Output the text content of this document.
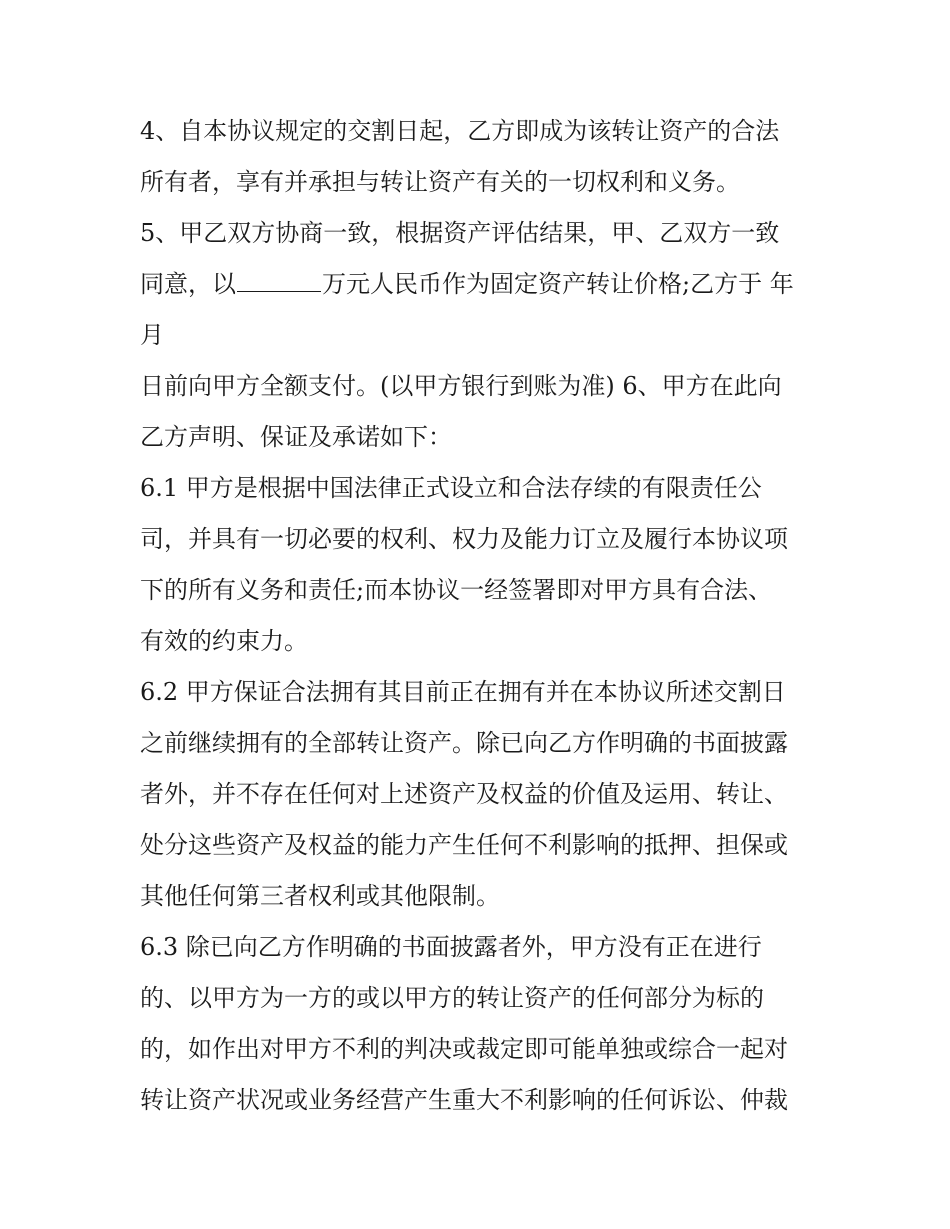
4、自本协议规定的交割日起，乙方即成为该转让资产的合法
所有者，享有并承担与转让资产有关的一切权利和义务。
5、甲乙双方协商一致，根据资产评估结果，甲、乙双方一致
同意，以	万元人民币作为固定资产转让价格;乙方于 年
月
日前向甲方全额支付。(以甲方银行到账为准) 6、甲方在此向
乙方声明、保证及承诺如下：
6.1 甲方是根据中国法律正式设立和合法存续的有限责任公
司，并具有一切必要的权利、权力及能力订立及履行本协议项
下的所有义务和责任;而本协议一经签署即对甲方具有合法、
有效的约束力。
6.2 甲方保证合法拥有其目前正在拥有并在本协议所述交割日
之前继续拥有的全部转让资产。除已向乙方作明确的书面披露
者外，并不存在任何对上述资产及权益的价值及运用、转让、
处分这些资产及权益的能力产生任何不利影响的抵押、担保或
其他任何第三者权利或其他限制。
6.3 除已向乙方作明确的书面披露者外，甲方没有正在进行
的、以甲方为一方的或以甲方的转让资产的任何部分为标的
的，如作出对甲方不利的判决或裁定即可能单独或综合一起对
转让资产状况或业务经营产生重大不利影响的任何诉讼、仲裁
